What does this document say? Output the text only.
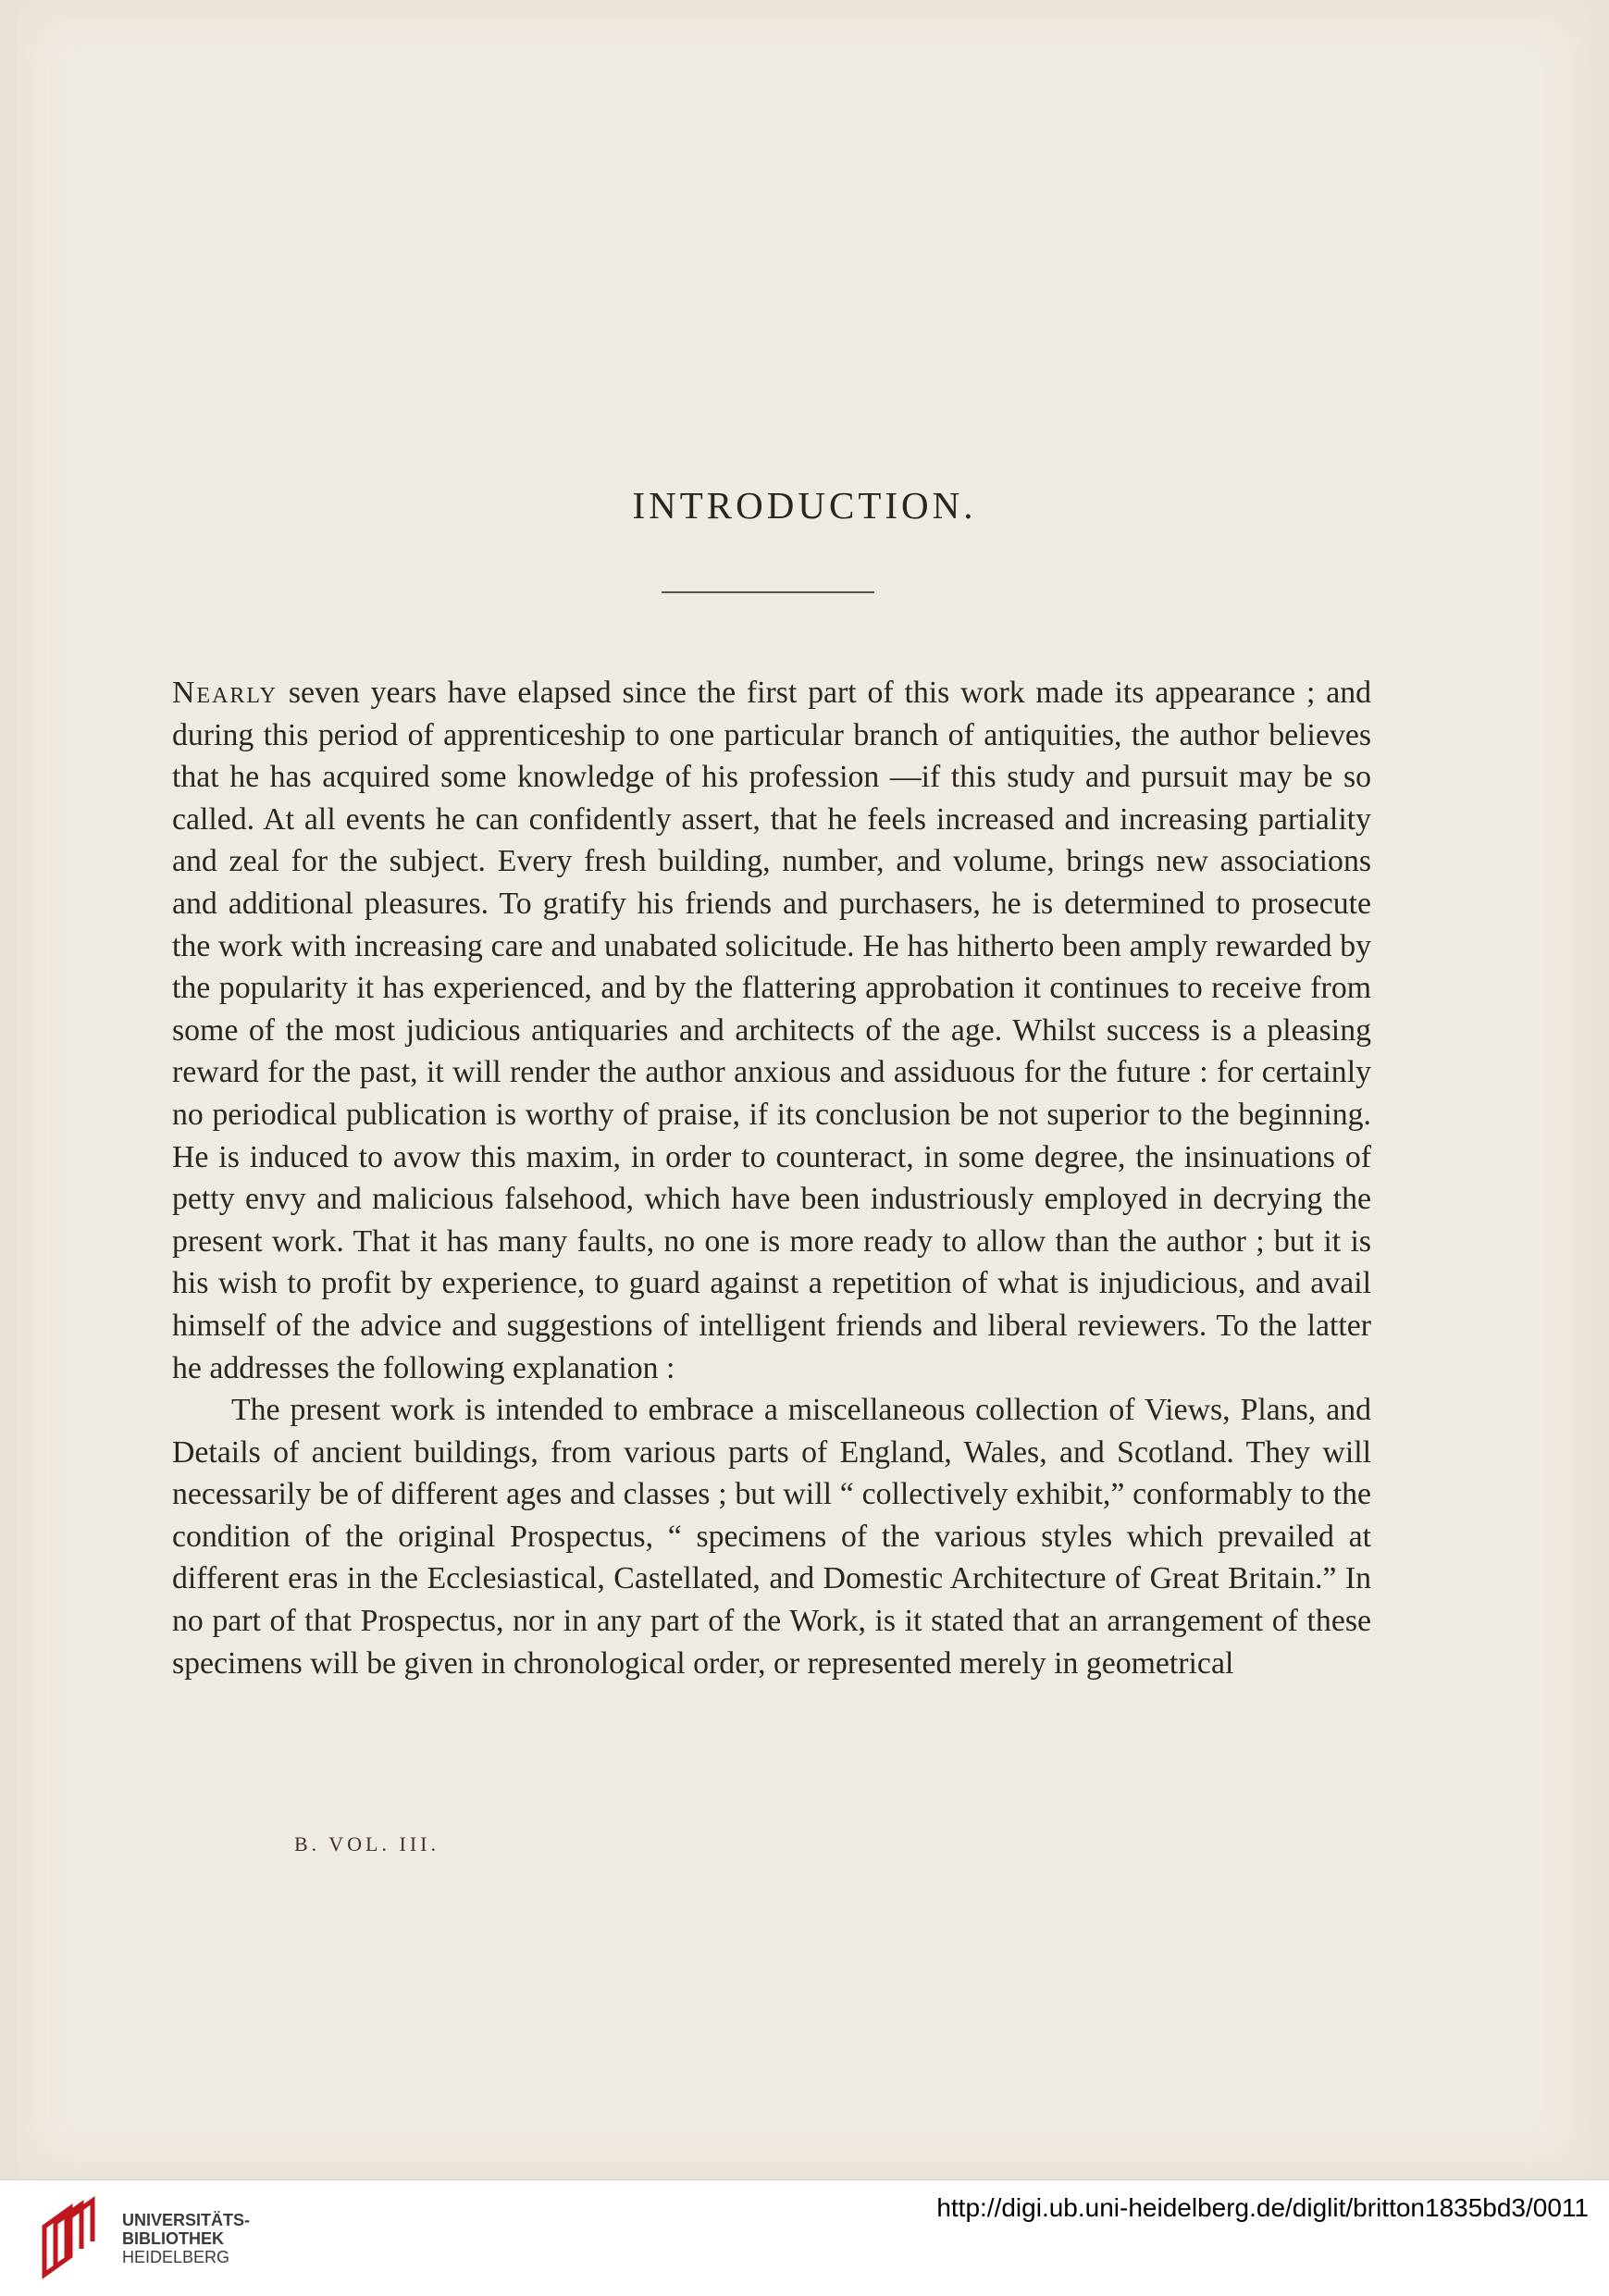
INTRODUCTION.

Nearly seven years have elapsed since the first part of this work made its appearance ; and during this period of apprenticeship to one particular branch of antiquities, the author believes that he has acquired some knowledge of his profession —if this study and pursuit may be so called. At all events he can confidently assert, that he feels increased and increasing partiality and zeal for the subject. Every fresh building, number, and volume, brings new associations and additional pleasures. To gratify his friends and purchasers, he is determined to prosecute the work with increasing care and unabated solicitude. He has hitherto been amply rewarded by the popularity it has experienced, and by the flattering approbation it continues to receive from some of the most judicious antiquaries and architects of the age. Whilst success is a pleasing reward for the past, it will render the author anxious and assiduous for the future : for certainly no periodical publication is worthy of praise, if its conclusion be not superior to the beginning. He is induced to avow this maxim, in order to counteract, in some degree, the insinuations of petty envy and malicious falsehood, which have been industriously employed in decrying the present work. That it has many faults, no one is more ready to allow than the author ; but it is his wish to profit by experience, to guard against a repetition of what is injudicious, and avail himself of the advice and suggestions of intelligent friends and liberal reviewers. To the latter he addresses the following explanation :

The present work is intended to embrace a miscellaneous collection of Views, Plans, and Details of ancient buildings, from various parts of England, Wales, and Scotland. They will necessarily be of different ages and classes ; but will “ collectively exhibit,” conformably to the condition of the original Prospectus, “ specimens of the various styles which prevailed at different eras in the Ecclesiastical, Castellated, and Domestic Architecture of Great Britain.” In no part of that Prospectus, nor in any part of the Work, is it stated that an arrangement of these specimens will be given in chronological order, or represented merely in geometrical

B. VOL. III.
UNIVERSITÄTS-
BIBLIOTHEK
HEIDELBERG
http://digi.ub.uni-heidelberg.de/diglit/britton1835bd3/0011
